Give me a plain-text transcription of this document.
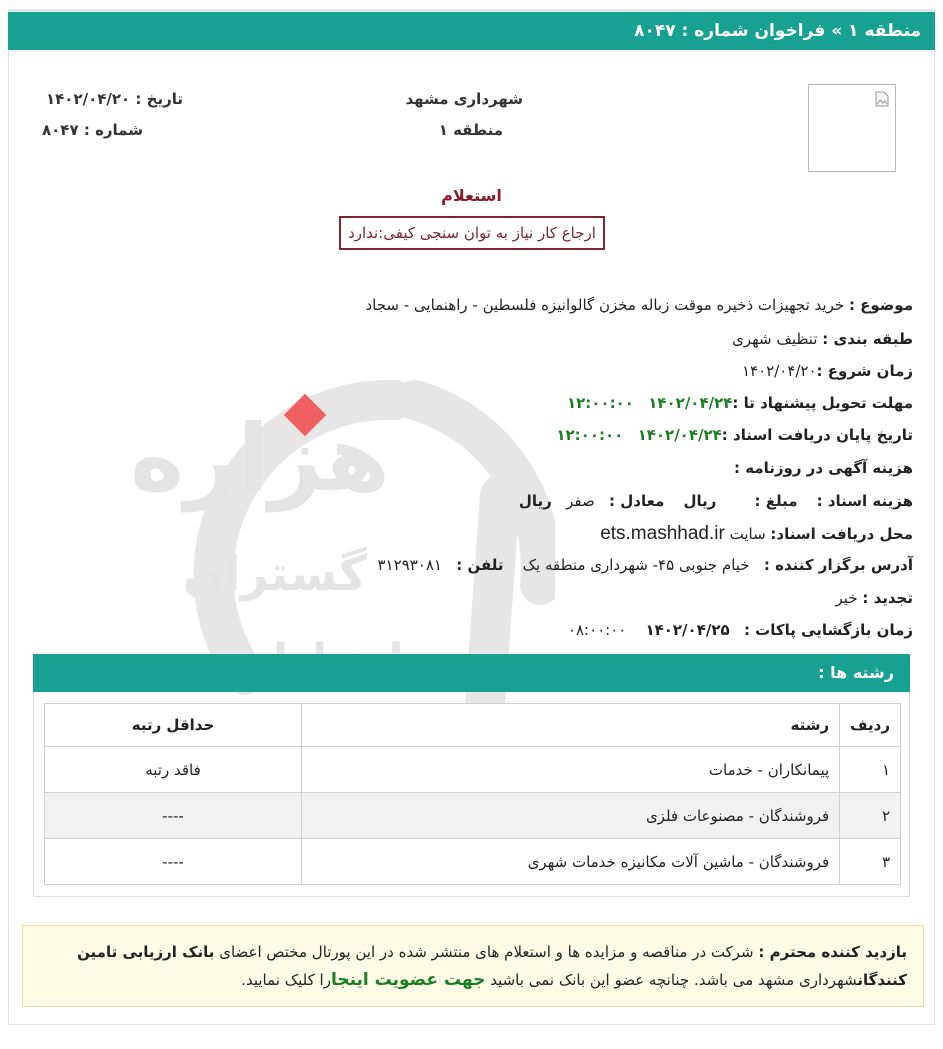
منطقه ۱ » فراخوان شماره : ۸۰۴۷
هزاره
گستران
شهرداری مشهد
منطقه ۱
تاریخ : ۱۴۰۲/۰۴/۲۰
شماره : ۸۰۴۷
استعلام
ارجاع کار نیاز به توان سنجی کیفی:ندارد
موضوع : خرید تجهیزات ذخیره موقت زباله مخزن گالوانیزه فلسطین - راهنمایی - سجاد
طبقه بندی : تنظیف شهری
زمان شروع :۱۴۰۲/۰۴/۲۰
مهلت تحویل پیشنهاد تا :۱۴۰۲/۰۴/۲۴   ۱۲:۰۰:۰۰
تاریخ پایان دریافت اسناد :۱۴۰۲/۰۴/۲۴   ۱۲:۰۰:۰۰
هزینه آگهی در روزنامه :
هزینه اسناد :    مبلغ :        ریال    معادل :   صفر   ریال
محل دریافت اسناد: سایت ets.mashhad.ir
آدرس برگزار کننده :   خیام جنوبی ۴۵- شهرداری منطقه یک    تلفن :   ۳۱۲۹۳۰۸۱
تجدید : خیر
زمان بازگشایی پاکات :   ۱۴۰۲/۰۴/۲۵    ۰۸:۰۰:۰۰
رشته ها :
ردیف	رشته	حداقل رتبه
۱	پیمانکاران - خدمات	فاقد رتبه
۲	فروشندگان - مصنوعات فلزی	----
۳	فروشندگان - ماشین آلات مکانیزه خدمات شهری	----
بازدید کننده محترم : شرکت در مناقصه و مزایده ها و استعلام های منتشر شده در این پورتال مختص اعضای بانک ارزیابی تامین کنندگانشهرداری مشهد می باشد. چنانچه عضو این بانک نمی باشید جهت عضویت اینجارا کلیک نمایید.
